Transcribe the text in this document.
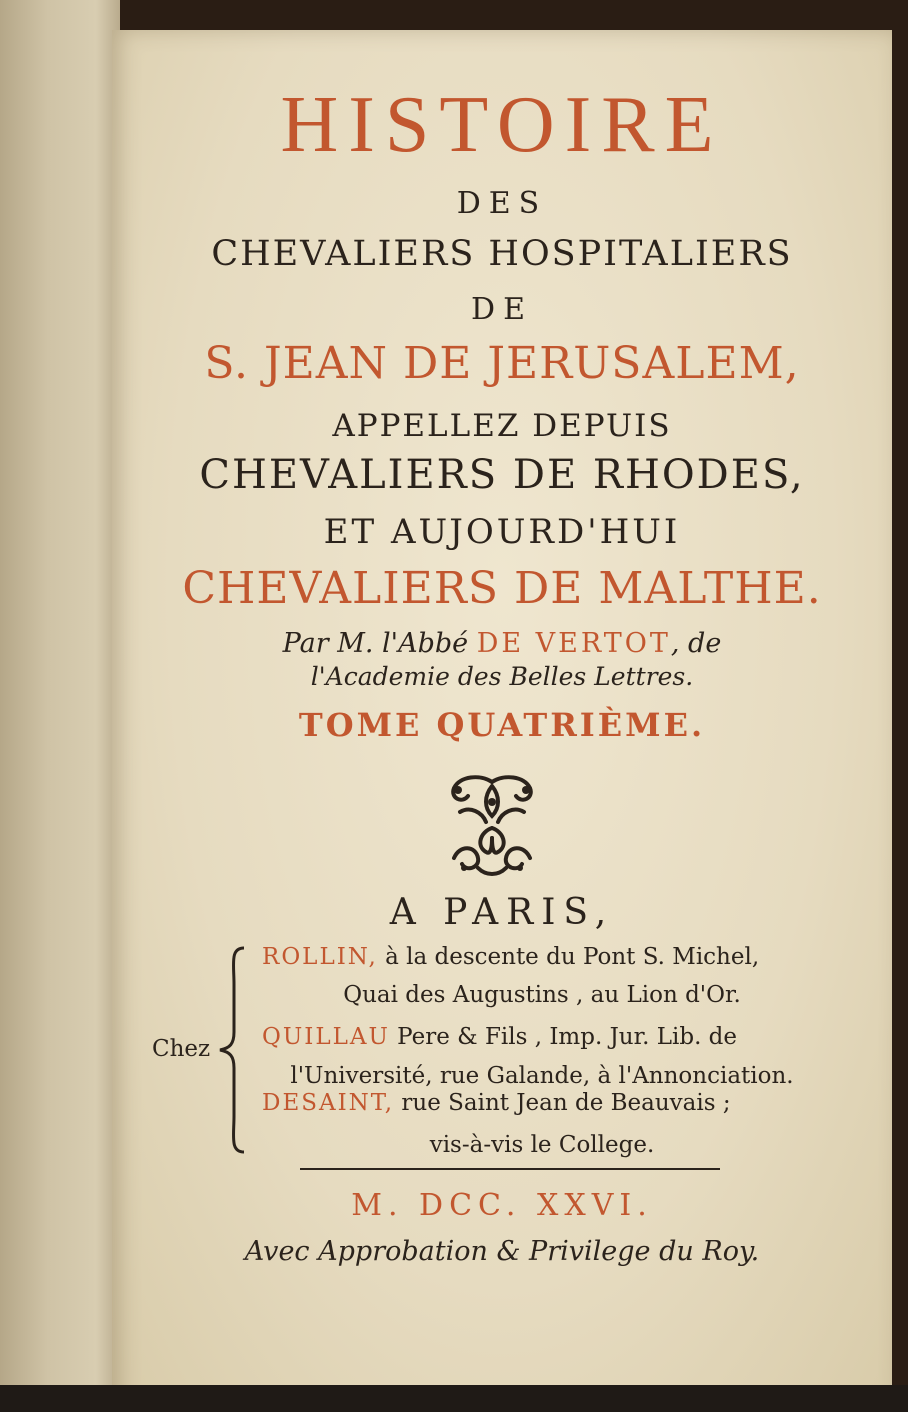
HISTOIRE
DES
CHEVALIERS HOSPITALIERS
DE
S. JEAN DE JERUSALEM,
APPELLEZ DEPUIS
CHEVALIERS DE RHODES,
ET AUJOURD'HUI
CHEVALIERS DE MALTHE.
Par M. l'Abbé DE VERTOT, de
l'Academie des Belles Lettres.
TOME QUATRIÈME.
A PARIS,
Chez
ROLLIN, à la descente du Pont S. Michel,
Quai des Augustins , au Lion d'Or.
QUILLAU Pere & Fils , Imp. Jur. Lib. de
l'Université, rue Galande, à l'Annonciation.
DESAINT, rue Saint Jean de Beauvais ;
vis-à-vis le College.
M. DCC. XXVI.
Avec Approbation & Privilege du Roy.
